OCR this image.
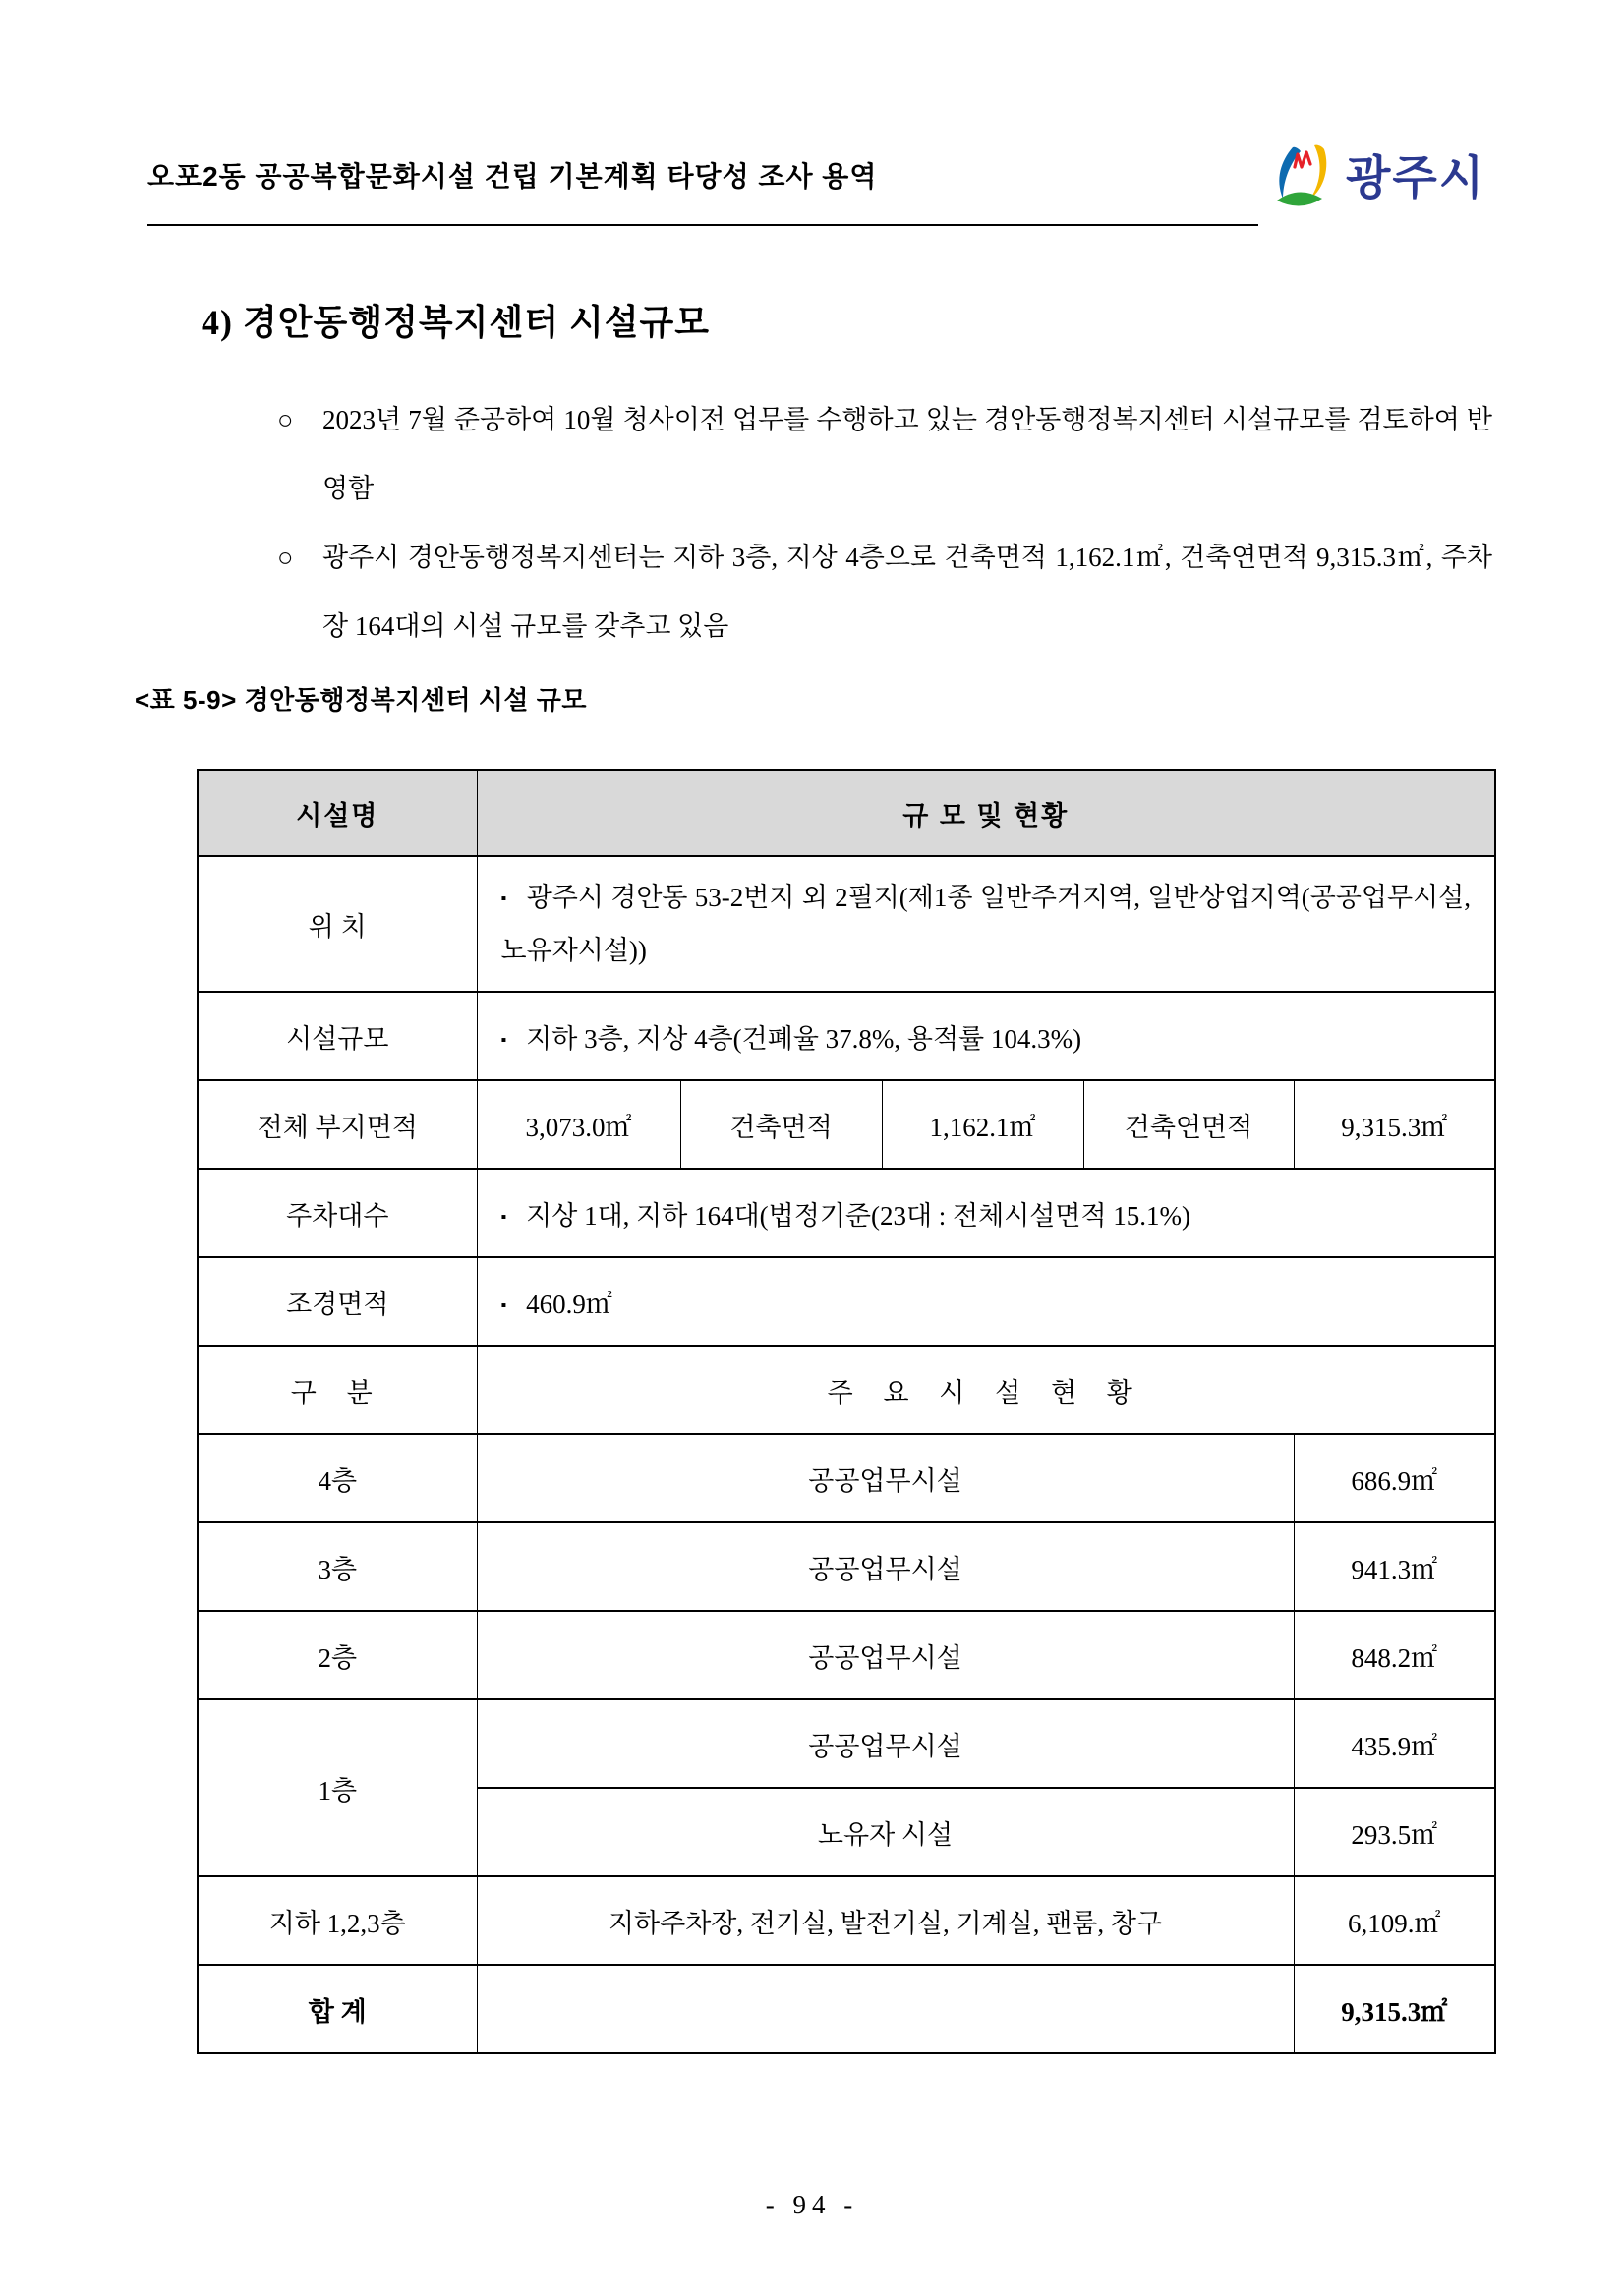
오포2동 공공복합문화시설 건립 기본계획 타당성 조사 용역	광주시
4) 경안동행정복지센터 시설규모
○ 2023년 7월 준공하여 10월 청사이전 업무를 수행하고 있는 경안동행정복지센터 시설규모를 검토하여 반영함
○ 광주시 경안동행정복지센터는 지하 3층, 지상 4층으로 건축면적 1,162.1㎡, 건축연면적 9,315.3㎡, 주차장 164대의 시설 규모를 갖추고 있음
<표 5-9> 경안동행정복지센터 시설 규모
시설명	규 모 및 현황				
위 치	▪ 광주시 경안동 53-2번지 외 2필지(제1종 일반주거지역, 일반상업지역(공공업무시설, 노유자시설))				

시설규모	▪ 지하 3층, 지상 4층(건폐율 37.8%, 용적률 104.3%)				
전체 부지면적	3,073.0㎡	건축면적	1,162.1㎡	건축연면적	9,315.3㎡
주차대수	▪ 지상 1대, 지하 164대(법정기준(23대 : 전체시설면적 15.1%)				
조경면적	▪ 460.9㎡				
구 분	주 요 시 설 현 황				
4층	공공업무시설				686.9㎡
3층	공공업무시설				941.3㎡
2층	공공업무시설				848.2㎡
1층	공공업무시설				435.9㎡
	노유자 시설				293.5㎡
지하 1,2,3층	지하주차장, 전기실, 발전기실, 기계실, 팬룸, 창구				6,109.㎡
합 계					9,315.3㎡
- 94 -
